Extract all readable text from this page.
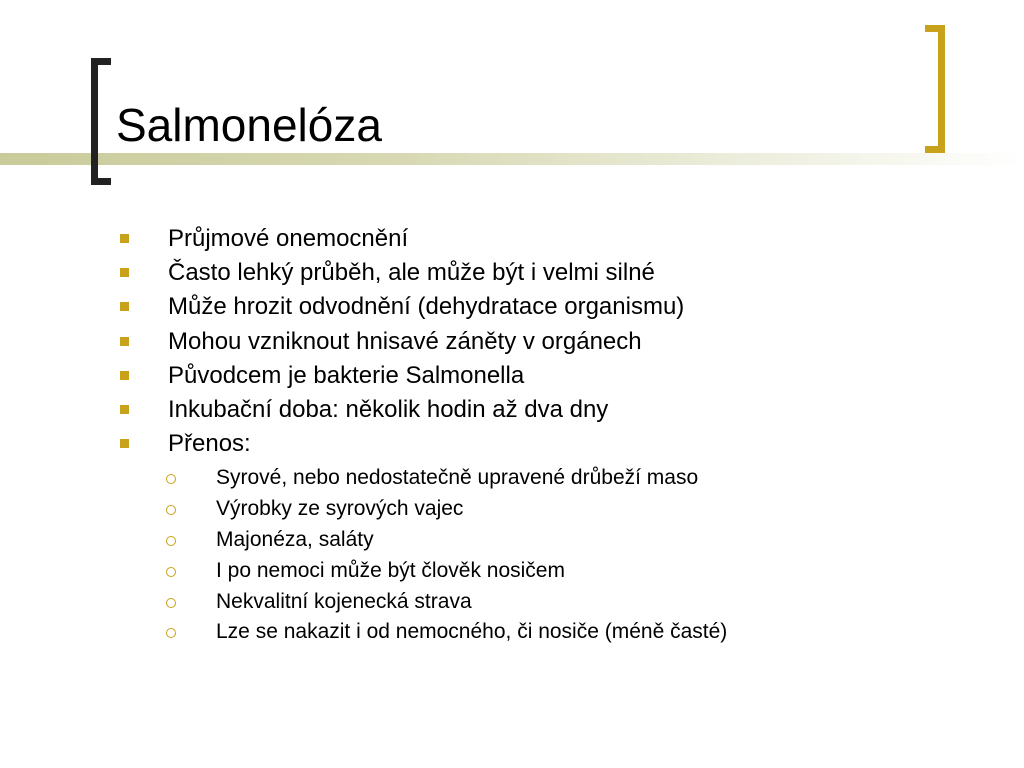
Salmonelóza
Průjmové onemocnění
Často lehký průběh, ale může být i velmi silné
Může hrozit odvodnění (dehydratace organismu)
Mohou vzniknout hnisavé záněty v orgánech
Původcem je bakterie Salmonella
Inkubační doba: několik hodin až dva dny
Přenos:
Syrové, nebo nedostatečně upravené drůbeží maso
Výrobky ze syrových vajec
Majonéza, saláty
I po nemoci může být člověk nosičem
Nekvalitní kojenecká strava
Lze se nakazit i od nemocného, či nosiče (méně časté)
